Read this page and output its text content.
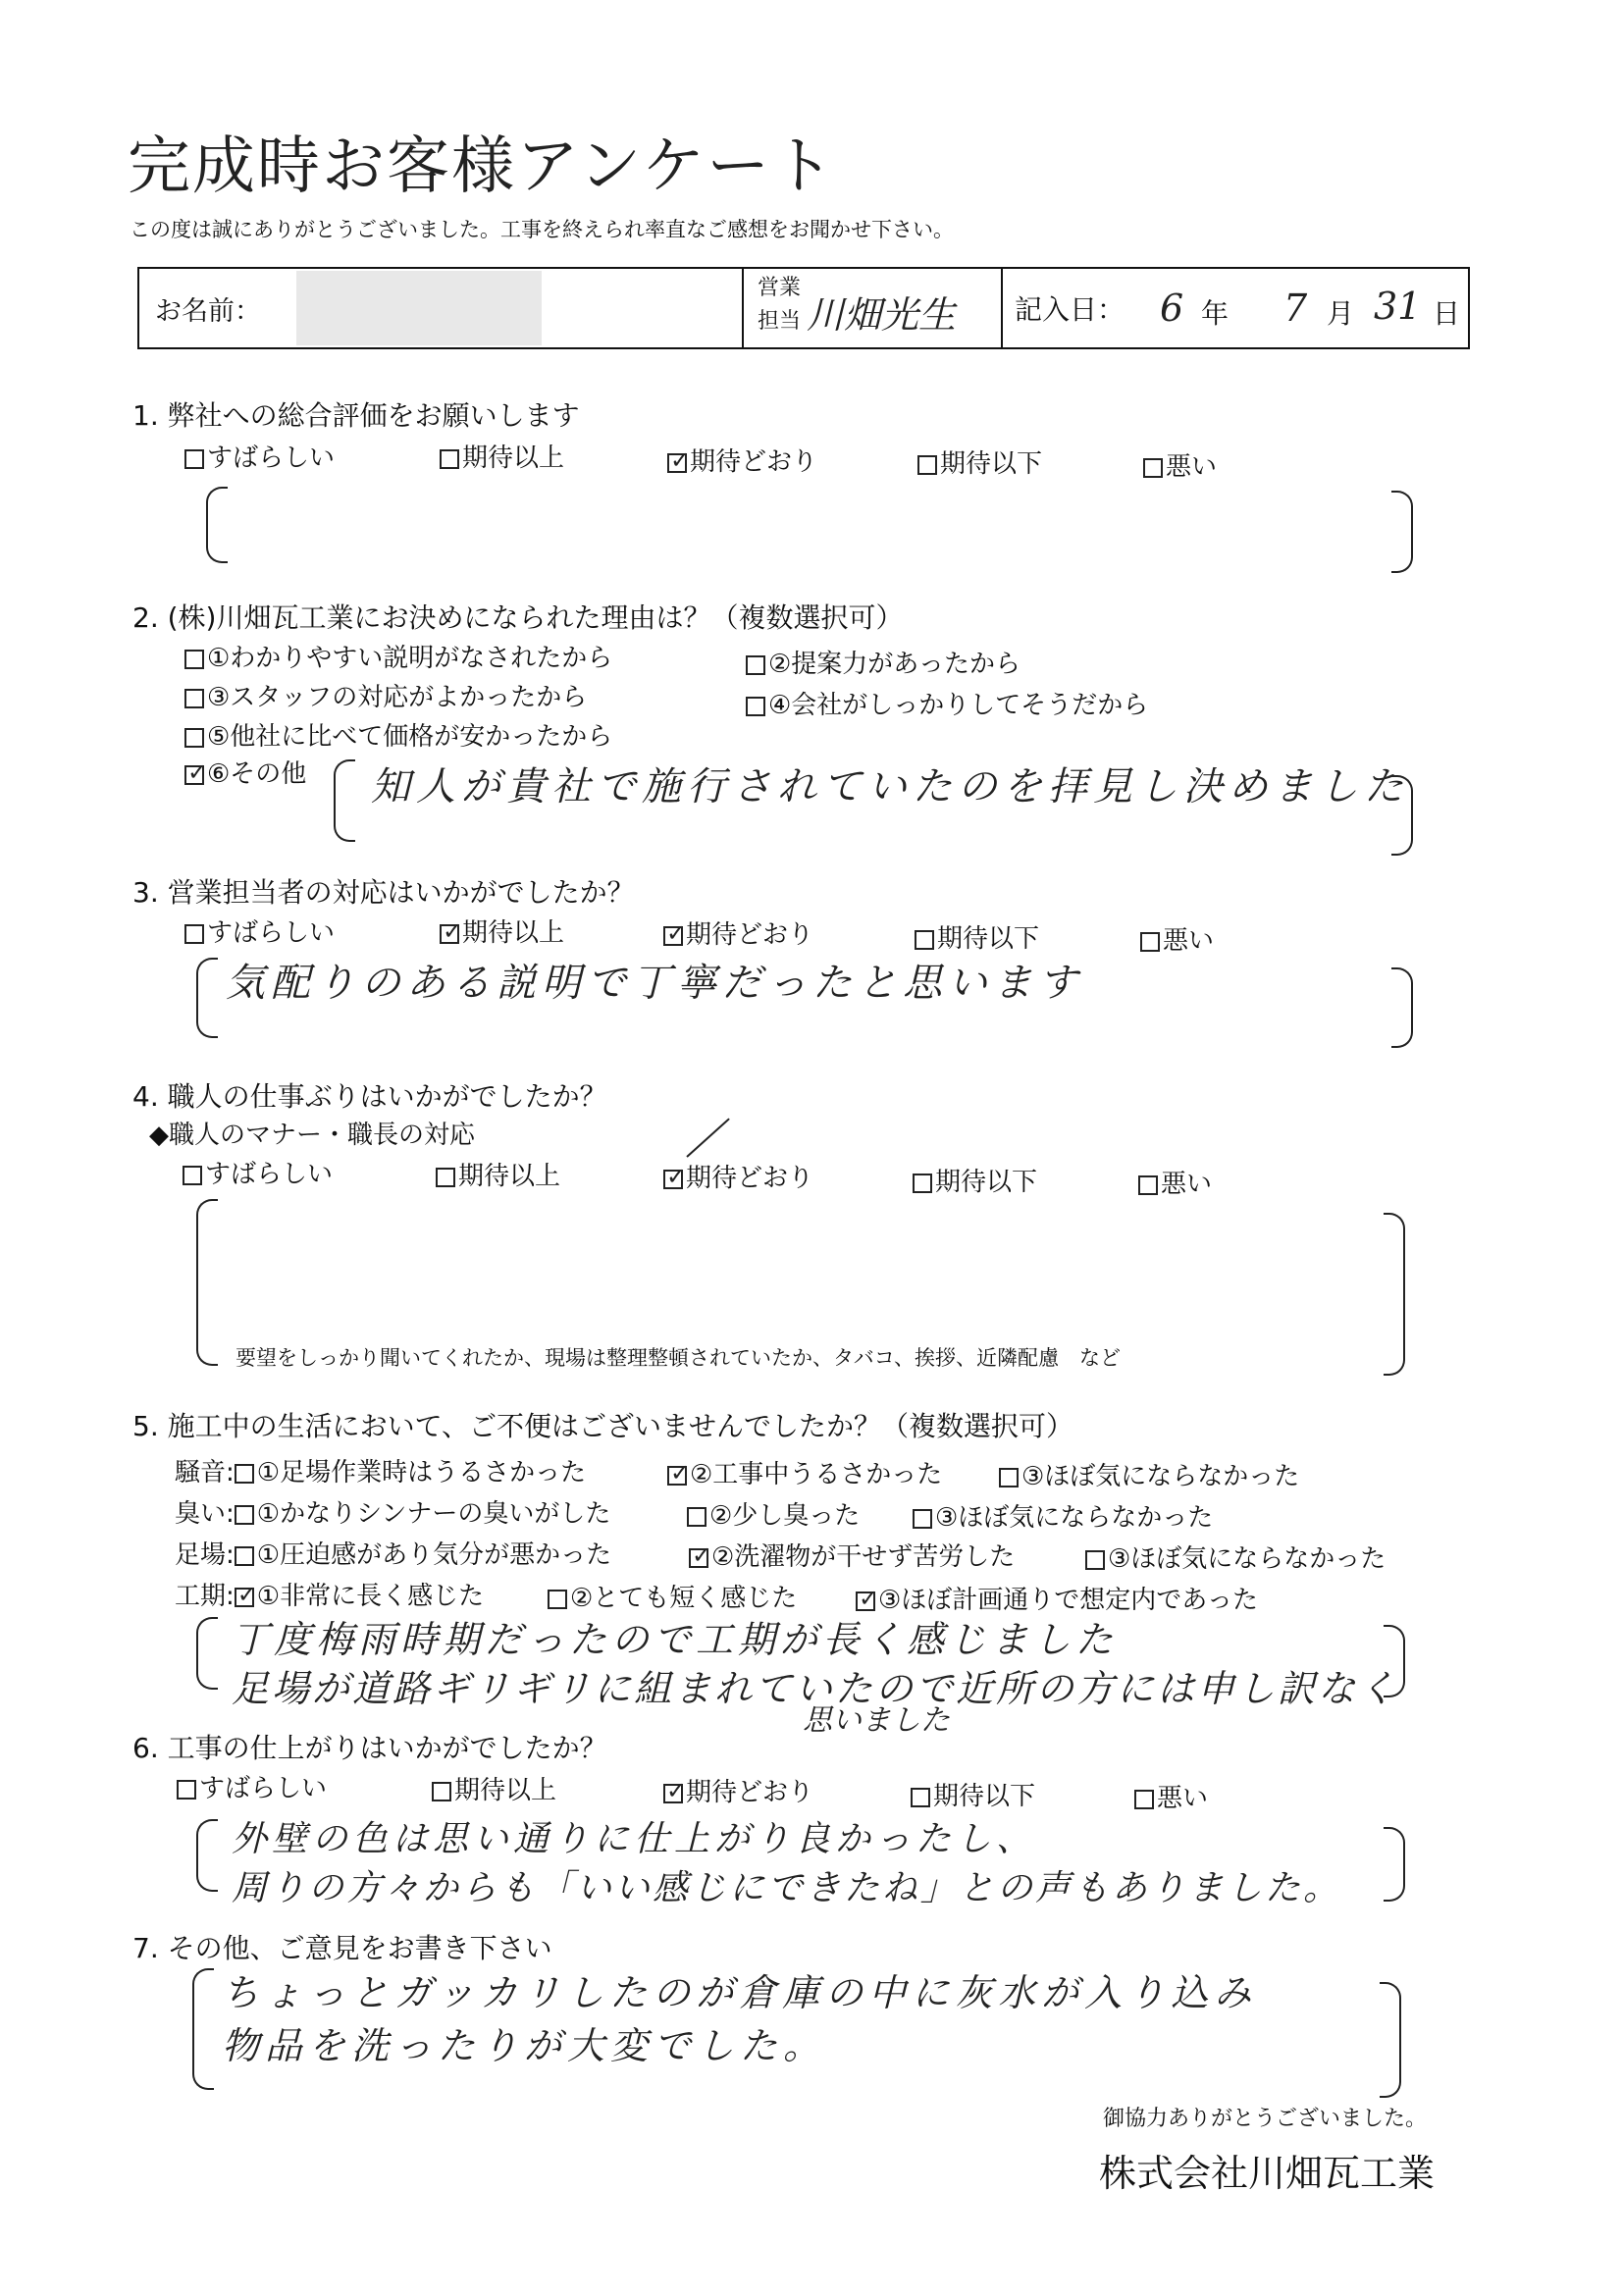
完成時お客様アンケート
この度は誠にありがとうございました。工事を終えられ率直なご感想をお聞かせ下さい。
お名前：
営業
担当 川畑光生 記入日： 6 年 7 月 31 日
1. 弊社への総合評価をお願いします
すばらしい	期待以上 ✓	期待どおり	期待以下	悪い
2. (株)川畑瓦工業にお決めになられた理由は？（複数選択可）
①わかりやすい説明がなされたから	②提案力があったから
③スタッフの対応がよかったから	④会社がしっかりしてそうだから
⑤他社に比べて価格が安かったから
✓⑥その他 知人が貴社で施行されていたのを拝見し決めました
3. 営業担当者の対応はいかがでしたか？
すばらしい ✓	期待以上 ✓	期待どおり	期待以下	悪い
気配りのある説明で丁寧だったと思います
4. 職人の仕事ぶりはいかがでしたか？
◆職人のマナー・職長の対応
すばらしい	期待以上 ✓	期待どおり	期待以下	悪い
要望をしっかり聞いてくれたか、現場は整理整頓されていたか、タバコ、挨拶、近隣配慮　など
5. 施工中の生活において、ご不便はございませんでしたか？（複数選択可）
騒音: ①足場作業時はうるさかった ✓	②工事中うるさかった	③ほぼ気にならなかった
臭い: ①かなりシンナーの臭いがした	②少し臭った	③ほぼ気にならなかった
足場: ①圧迫感があり気分が悪かった ✓	②洗濯物が干せず苦労した	③ほぼ気にならなかった
工期: ✓ ①非常に長く感じた	②とても短く感じた ✓	③ほぼ計画通りで想定内であった
丁度梅雨時期だったので工期が長く感じました
足場が道路ギリギリに組まれていたので近所の方には申し訳なく
思いました
6. 工事の仕上がりはいかがでしたか？
すばらしい	期待以上 ✓	期待どおり	期待以下	悪い
外壁の色は思い通りに仕上がり良かったし、
周りの方々からも「いい感じにできたね」との声もありました。
7. その他、ご意見をお書き下さい
ちょっとガッカリしたのが倉庫の中に灰水が入り込み
物品を洗ったりが大変でした。
御協力ありがとうございました。
株式会社川畑瓦工業
